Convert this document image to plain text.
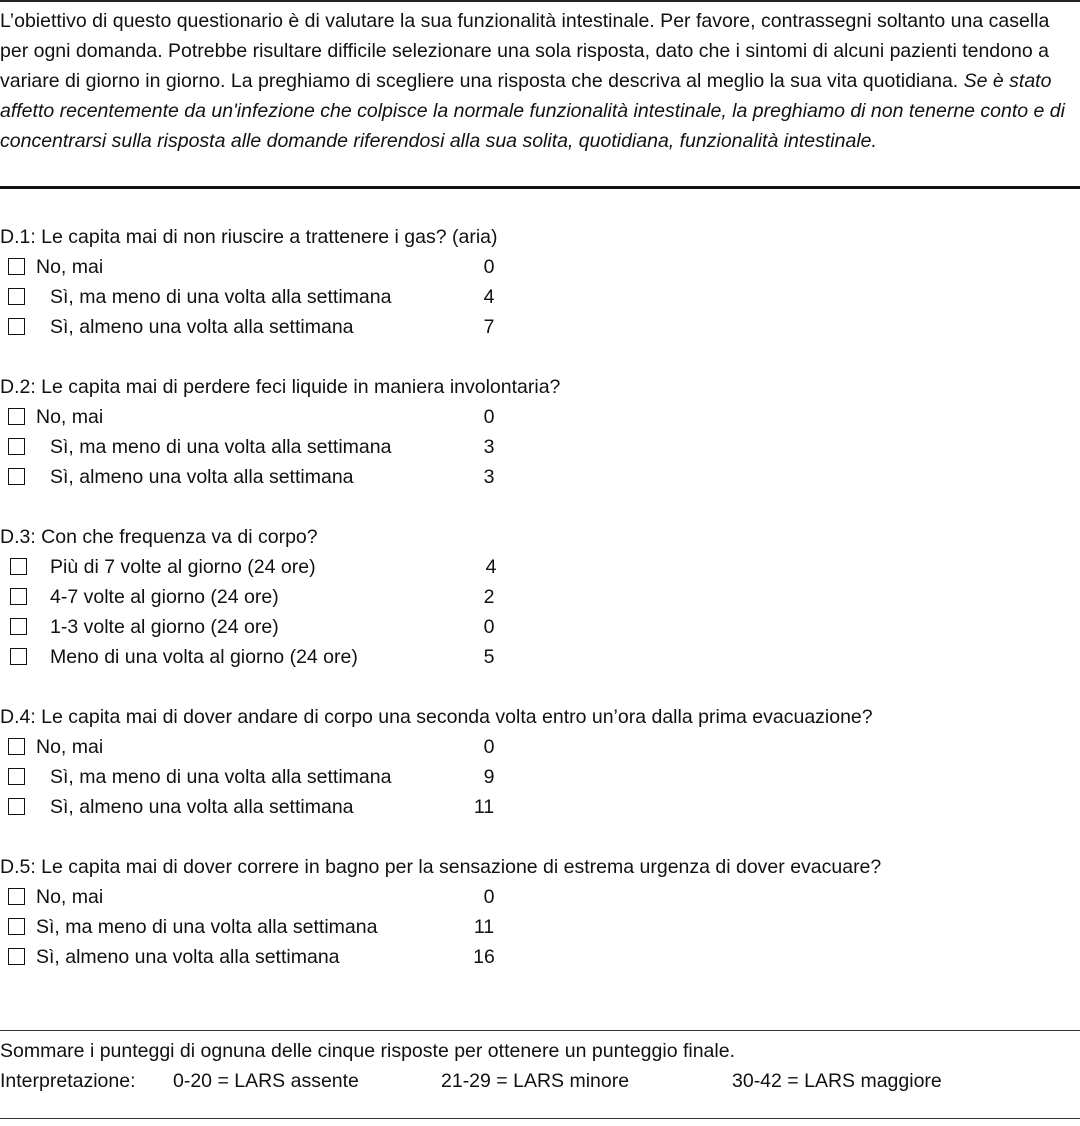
L’obiettivo di questo questionario è di valutare la sua funzionalità intestinale. Per favore, contrassegni soltanto una casella per ogni domanda. Potrebbe risultare difficile selezionare una sola risposta, dato che i sintomi di alcuni pazienti tendono a variare di giorno in giorno. La preghiamo di scegliere una risposta che descriva al meglio la sua vita quotidiana. Se è stato affetto recentemente da un'infezione che colpisce la normale funzionalità intestinale, la preghiamo di non tenerne conto e di concentrarsi sulla risposta alle domande riferendosi alla sua solita, quotidiana, funzionalità intestinale.
D.1: Le capita mai di non riuscire a trattenere i gas? (aria)
No, mai	0
Sì, ma meno di una volta alla settimana	4
Sì, almeno una volta alla settimana	7
D.2: Le capita mai di perdere feci liquide in maniera involontaria?
No, mai	0
Sì, ma meno di una volta alla settimana	3
Sì, almeno una volta alla settimana	3
D.3: Con che frequenza va di corpo?
Più di 7 volte al giorno (24 ore)	4
4-7 volte al giorno (24 ore)	2
1-3 volte al giorno (24 ore)	0
Meno di una volta al giorno (24 ore)	5
D.4: Le capita mai di dover andare di corpo una seconda volta entro un’ora dalla prima evacuazione?
No, mai	0
Sì, ma meno di una volta alla settimana	9
Sì, almeno una volta alla settimana	11
D.5: Le capita mai di dover correre in bagno per la sensazione di estrema urgenza di dover evacuare?
No, mai	0
Sì, ma meno di una volta alla settimana	11
Sì, almeno una volta alla settimana	16
Sommare i punteggi di ognuna delle cinque risposte per ottenere un punteggio finale.
Interpretazione: 0-20 = LARS assente	21-29 = LARS minore	30-42 = LARS maggiore
